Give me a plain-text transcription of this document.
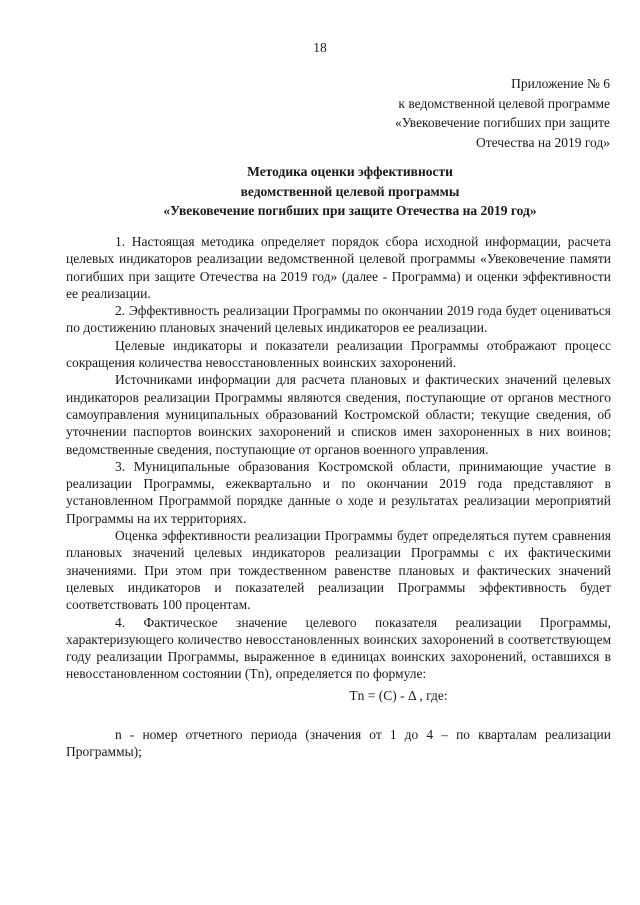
18
Приложение № 6
к ведомственной целевой программе
«Увековечение погибших при защите
Отечества на 2019 год»
Методика оценки эффективности
ведомственной целевой программы
«Увековечение погибших при защите Отечества на 2019 год»

1. Настоящая методика определяет порядок сбора исходной информации, расчета целевых индикаторов реализации ведомственной целевой программы «Увековечение памяти погибших при защите Отечества на 2019 год» (далее - Программа) и оценки эффективности ее реализации.

2. Эффективность реализации Программы по окончании 2019 года будет оцениваться по достижению плановых значений целевых индикаторов ее реализации.

Целевые индикаторы и показатели реализации Программы отображают процесс сокращения количества невосстановленных воинских захоронений.

Источниками информации для расчета плановых и фактических значений целевых индикаторов реализации Программы являются сведения, поступающие от органов местного самоуправления муниципальных образований Костромской области; текущие сведения, об уточнении паспортов воинских захоронений и списков имен захороненных в них воинов; ведомственные сведения, поступающие от органов военного управления.

3. Муниципальные образования Костромской области, принимающие участие в реализации Программы, ежеквартально и по окончании 2019 года представляют в установленном Программой порядке данные о ходе и результатах реализации мероприятий Программы на их территориях.

Оценка эффективности реализации Программы будет определяться путем сравнения плановых значений целевых индикаторов реализации Программы с их фактическими значениями. При этом при тождественном равенстве плановых и фактических значений целевых индикаторов и показателей реализации Программы эффективность будет соответствовать 100 процентам.

4. Фактическое значение целевого показателя реализации Программы, характеризующего количество невосстановленных воинских захоронений в соответствующем году реализации Программы, выраженное в единицах воинских захоронений, оставшихся в невосстановленном состоянии (Тn), определяется по формуле:

Тn = (С) - Δ , где:

n - номер отчетного периода (значения от 1 до 4 – по кварталам реализации Программы);
